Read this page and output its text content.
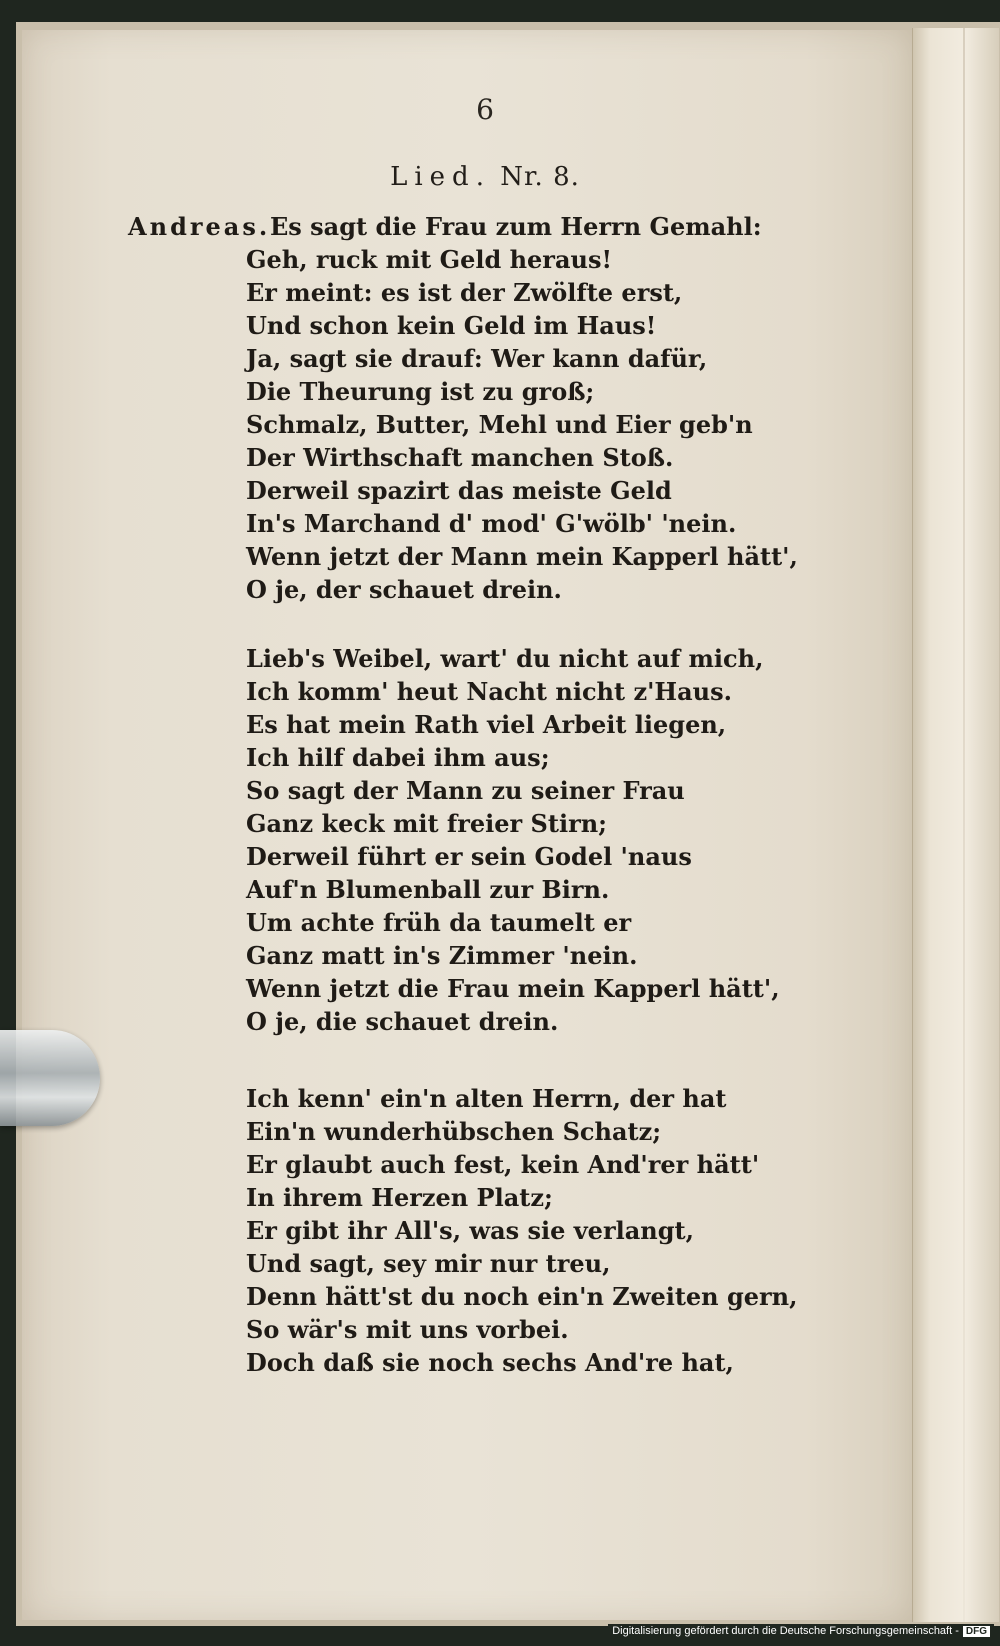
6
Lied. Nr. 8.
Andreas. Es sagt die Frau zum Herrn Gemahl:
Geh, ruck mit Geld heraus!
Er meint: es ist der Zwölfte erst,
Und schon kein Geld im Haus!
Ja, sagt sie drauf: Wer kann dafür,
Die Theurung ist zu groß;
Schmalz, Butter, Mehl und Eier geb'n
Der Wirthschaft manchen Stoß.
Derweil spazirt das meiste Geld
In's Marchand d' mod' G'wölb' 'nein.
Wenn jetzt der Mann mein Kapperl hätt',
O je, der schauet drein.
Lieb's Weibel, wart' du nicht auf mich,
Ich komm' heut Nacht nicht z'Haus.
Es hat mein Rath viel Arbeit liegen,
Ich hilf dabei ihm aus;
So sagt der Mann zu seiner Frau
Ganz keck mit freier Stirn;
Derweil führt er sein Godel 'naus
Auf'n Blumenball zur Birn.
Um achte früh da taumelt er
Ganz matt in's Zimmer 'nein.
Wenn jetzt die Frau mein Kapperl hätt',
O je, die schauet drein.
Ich kenn' ein'n alten Herrn, der hat
Ein'n wunderhübschen Schatz;
Er glaubt auch fest, kein And'rer hätt'
In ihrem Herzen Platz;
Er gibt ihr All's, was sie verlangt,
Und sagt, sey mir nur treu,
Denn hätt'st du noch ein'n Zweiten gern,
So wär's mit uns vorbei.
Doch daß sie noch sechs And're hat,
Digitalisierung gefördert durch die Deutsche Forschungsgemeinschaft - DFG
